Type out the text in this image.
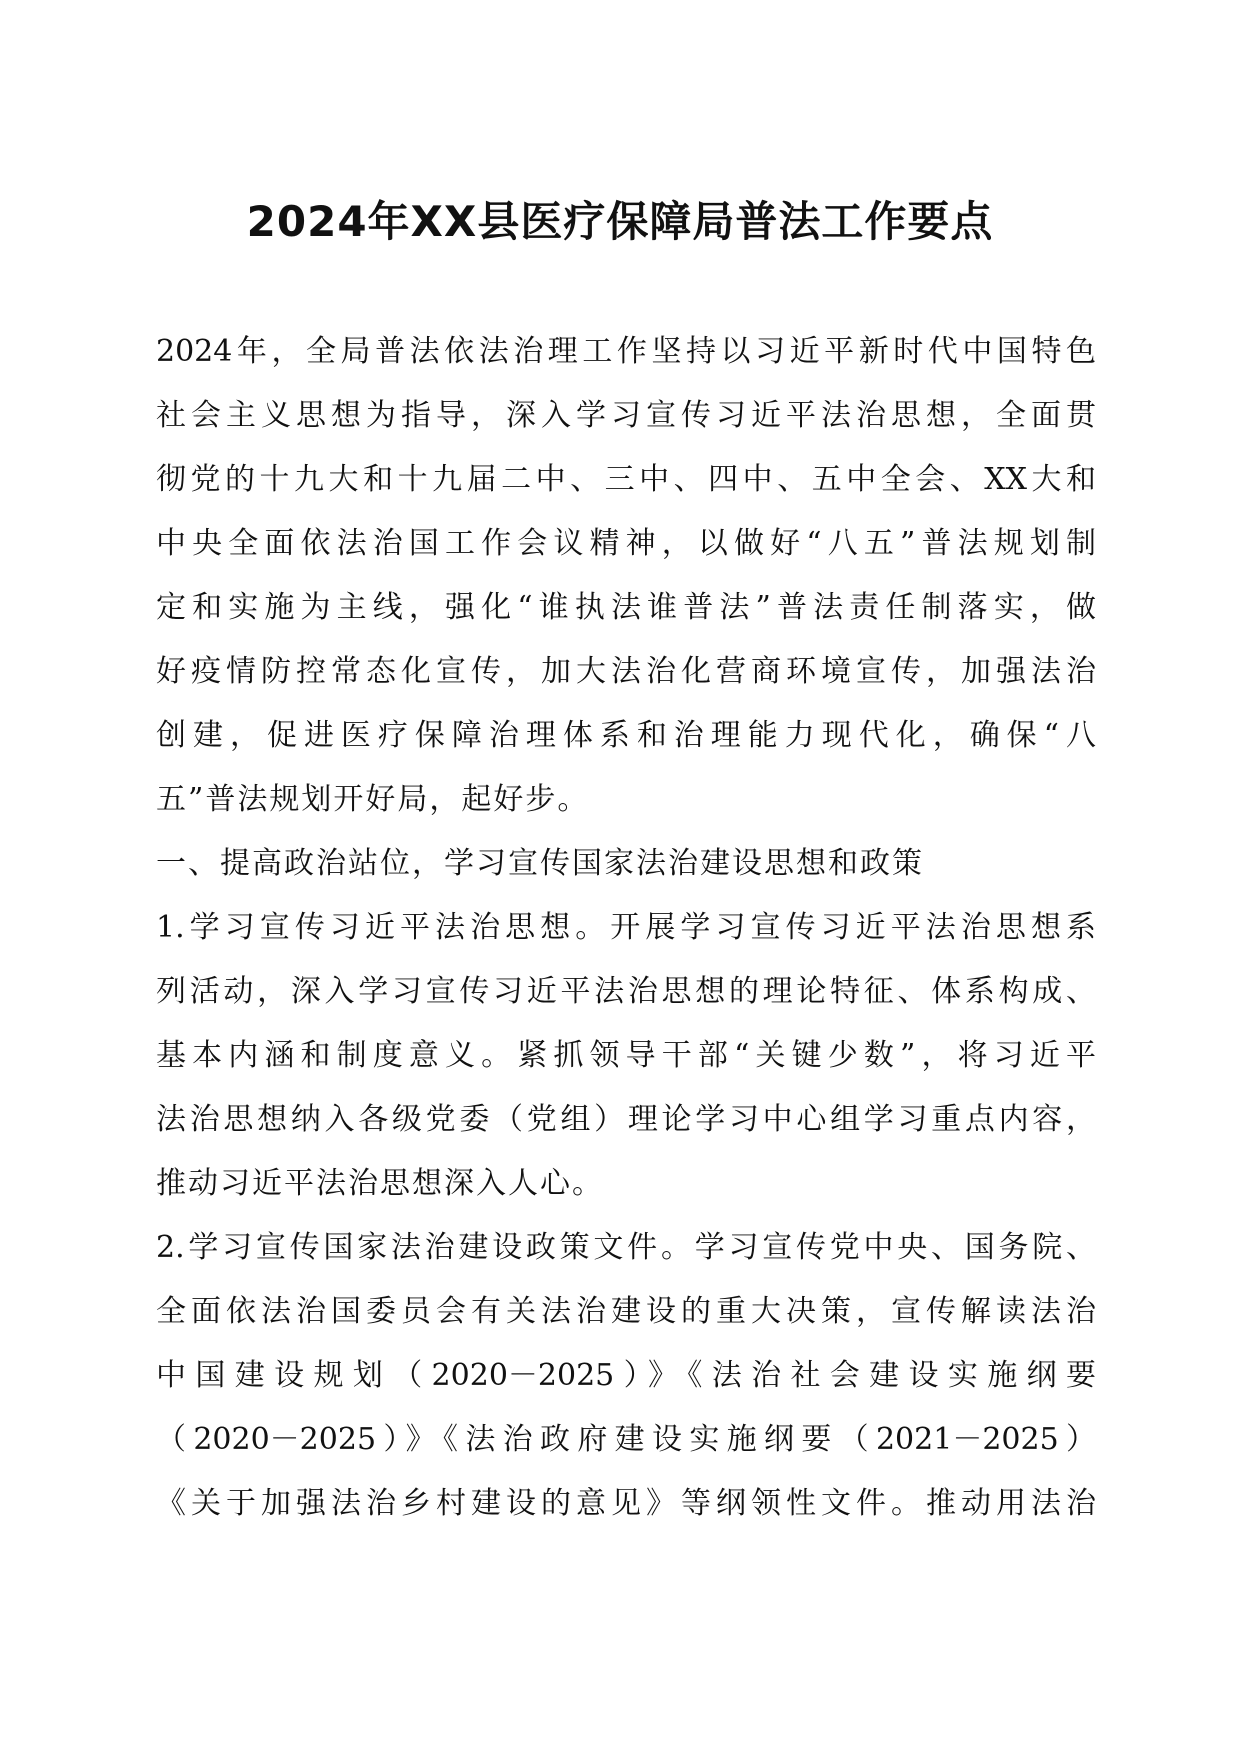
2024年XX县医疗保障局普法工作要点
2024年，全局普法依法治理工作坚持以习近平新时代中国特色
社会主义思想为指导，深入学习宣传习近平法治思想，全面贯
彻党的十九大和十九届二中、三中、四中、五中全会、XX大和
中央全面依法治国工作会议精神，以做好“八五”普法规划制
定和实施为主线，强化“谁执法谁普法”普法责任制落实，做
好疫情防控常态化宣传，加大法治化营商环境宣传，加强法治
创建，促进医疗保障治理体系和治理能力现代化，确保“八
五”普法规划开好局，起好步。
一、提高政治站位，学习宣传国家法治建设思想和政策
1.学习宣传习近平法治思想。开展学习宣传习近平法治思想系
列活动，深入学习宣传习近平法治思想的理论特征、体系构成、
基本内涵和制度意义。紧抓领导干部“关键少数”，将习近平
法治思想纳入各级党委（党组）理论学习中心组学习重点内容，
推动习近平法治思想深入人心。
2.学习宣传国家法治建设政策文件。学习宣传党中央、国务院、
全面依法治国委员会有关法治建设的重大决策，宣传解读法治
中国建设规划（2020－2025）》《法治社会建设实施纲要
（2020－2025）》《法治政府建设实施纲要（2021－2025）
《关于加强法治乡村建设的意见》等纲领性文件。推动用法治
